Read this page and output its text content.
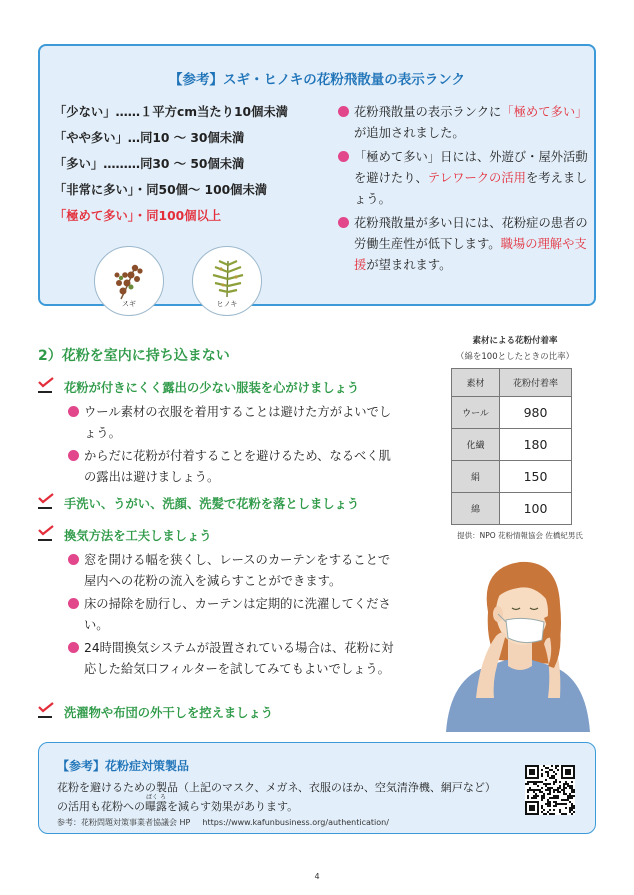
【参考】スギ・ヒノキの花粉飛散量の表示ランク
「少ない」……１平方cm当たり10個未満
「やや多い」…同10 〜 30個未満
「多い」………同30 〜 50個未満
「非常に多い」・同50個〜 100個未満
「極めて多い」・同100個以上
花粉飛散量の表示ランクに「極めて多い」が追加されました。
「極めて多い」日には、外遊び・屋外活動を避けたり、テレワークの活用を考えましょう。
花粉飛散量が多い日には、花粉症の患者の労働生産性が低下します。職場の理解や支援が望まれます。
スギ	ヒノキ
2）花粉を室内に持ち込まない
花粉が付きにくく露出の少ない服装を心がけましょう
ウール素材の衣服を着用することは避けた方がよいでしょう。
からだに花粉が付着することを避けるため、なるべく肌の露出は避けましょう。
手洗い、うがい、洗顔、洗髪で花粉を落としましょう
換気方法を工夫しましょう
窓を開ける幅を狭くし、レースのカーテンをすることで屋内への花粉の流入を減らすことができます。
床の掃除を励行し、カーテンは定期的に洗濯してください。
24時間換気システムが設置されている場合は、花粉に対応した給気口フィルターを試してみてもよいでしょう。
洗濯物や布団の外干しを控えましょう
素材による花粉付着率
（綿を100としたときの比率）
素材	花粉付着率
ウール	980
化繊	180
絹	150
綿	100
提供：NPO 花粉情報協会 佐橋紀男氏
【参考】花粉症対策製品
花粉を避けるための製品（上記のマスク、メガネ、衣服のほか、空気清浄機、網戸など）
の活用も花粉への
ばく ろ
曝露を減らす効果があります。
参考：花粉問題対策事業者協議会 HP https://www.kafunbusiness.org/authentication/
4
